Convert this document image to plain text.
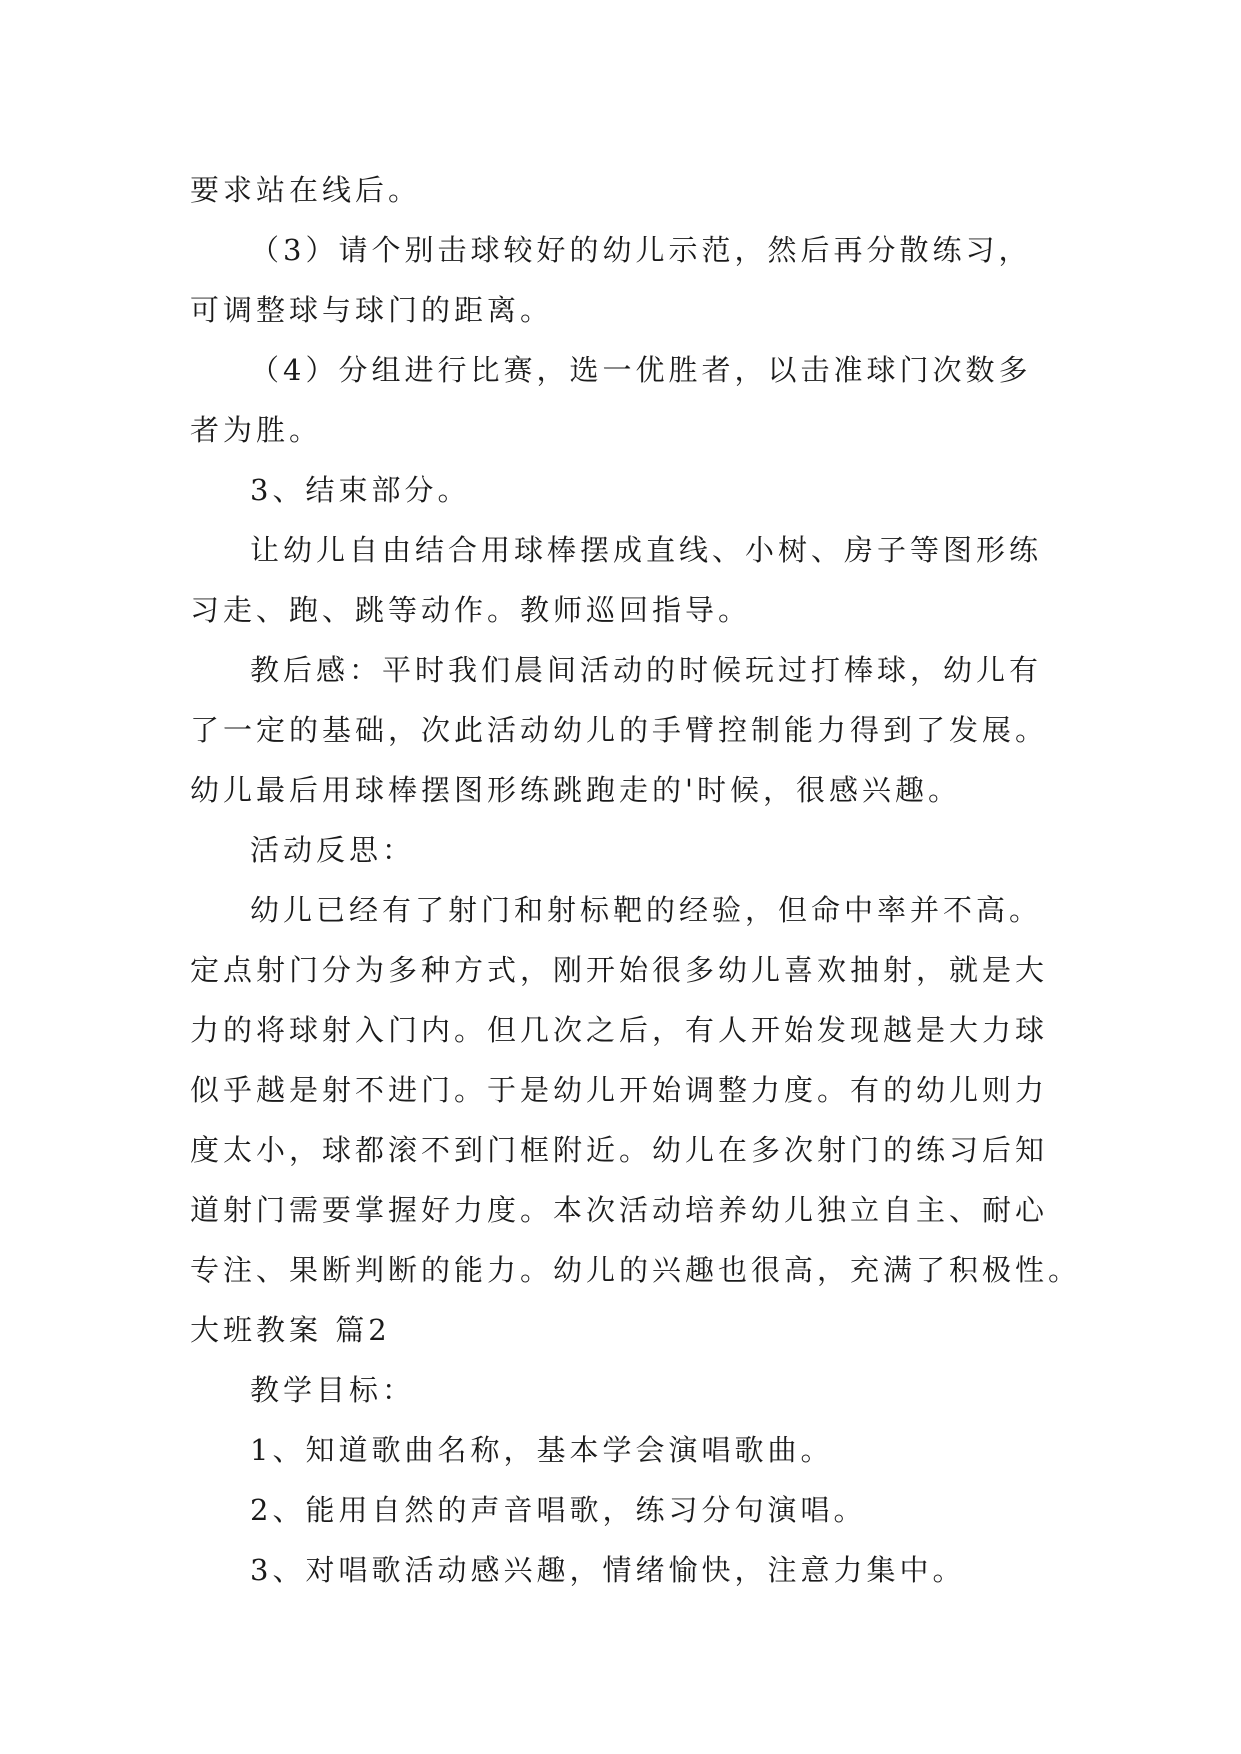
要求站在线后。
（3）请个别击球较好的幼儿示范，然后再分散练习，
可调整球与球门的距离。
（4）分组进行比赛，选一优胜者，以击准球门次数多
者为胜。
3、结束部分。
让幼儿自由结合用球棒摆成直线、小树、房子等图形练
习走、跑、跳等动作。教师巡回指导。
教后感：平时我们晨间活动的时候玩过打棒球，幼儿有
了一定的基础，次此活动幼儿的手臂控制能力得到了发展。
幼儿最后用球棒摆图形练跳跑走的'时候，很感兴趣。
活动反思：
幼儿已经有了射门和射标靶的经验，但命中率并不高。
定点射门分为多种方式，刚开始很多幼儿喜欢抽射，就是大
力的将球射入门内。但几次之后，有人开始发现越是大力球
似乎越是射不进门。于是幼儿开始调整力度。有的幼儿则力
度太小，球都滚不到门框附近。幼儿在多次射门的练习后知
道射门需要掌握好力度。本次活动培养幼儿独立自主、耐心
专注、果断判断的能力。幼儿的兴趣也很高，充满了积极性。
大班教案 篇2
教学目标：
1、知道歌曲名称，基本学会演唱歌曲。
2、能用自然的声音唱歌，练习分句演唱。
3、对唱歌活动感兴趣，情绪愉快，注意力集中。
